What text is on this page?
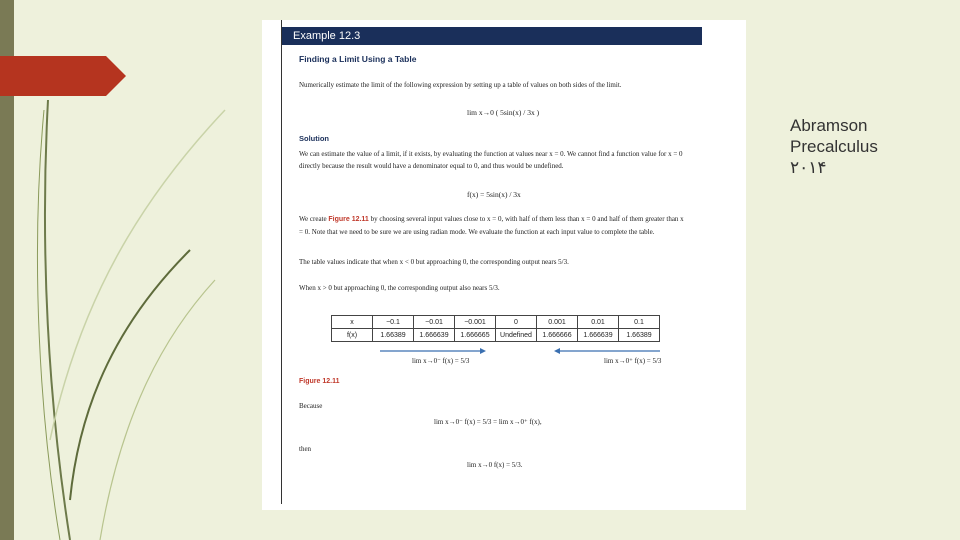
Example 12.3
Finding a Limit Using a Table
Numerically estimate the limit of the following expression by setting up a table of values on both sides of the limit.
lim x→0 ( 5sin(x) / 3x )
Solution
We can estimate the value of a limit, if it exists, by evaluating the function at values near x = 0. We cannot find a function value for x = 0 directly because the result would have a denominator equal to 0, and thus would be undefined.
f(x) = 5sin(x) / 3x
We create Figure 12.11 by choosing several input values close to x = 0, with half of them less than x = 0 and half of them greater than x = 0. Note that we need to be sure we are using radian mode. We evaluate the function at each input value to complete the table.
The table values indicate that when x < 0 but approaching 0, the corresponding output nears 5/3.
When x > 0 but approaching 0, the corresponding output also nears 5/3.
x	−0.1	−0.01	−0.001	0	0.001	0.01	0.1
f(x)	1.66389	1.666639	1.666665	Undefined	1.666666	1.666639	1.66389
lim x→0⁻ f(x) = 5/3	lim x→0⁺ f(x) = 5/3
Figure 12.11
Because
lim x→0⁻ f(x) = 5/3 = lim x→0⁺ f(x),
then
lim x→0 f(x) = 5/3.
Abramson
Precalculus
٢٠١۴
